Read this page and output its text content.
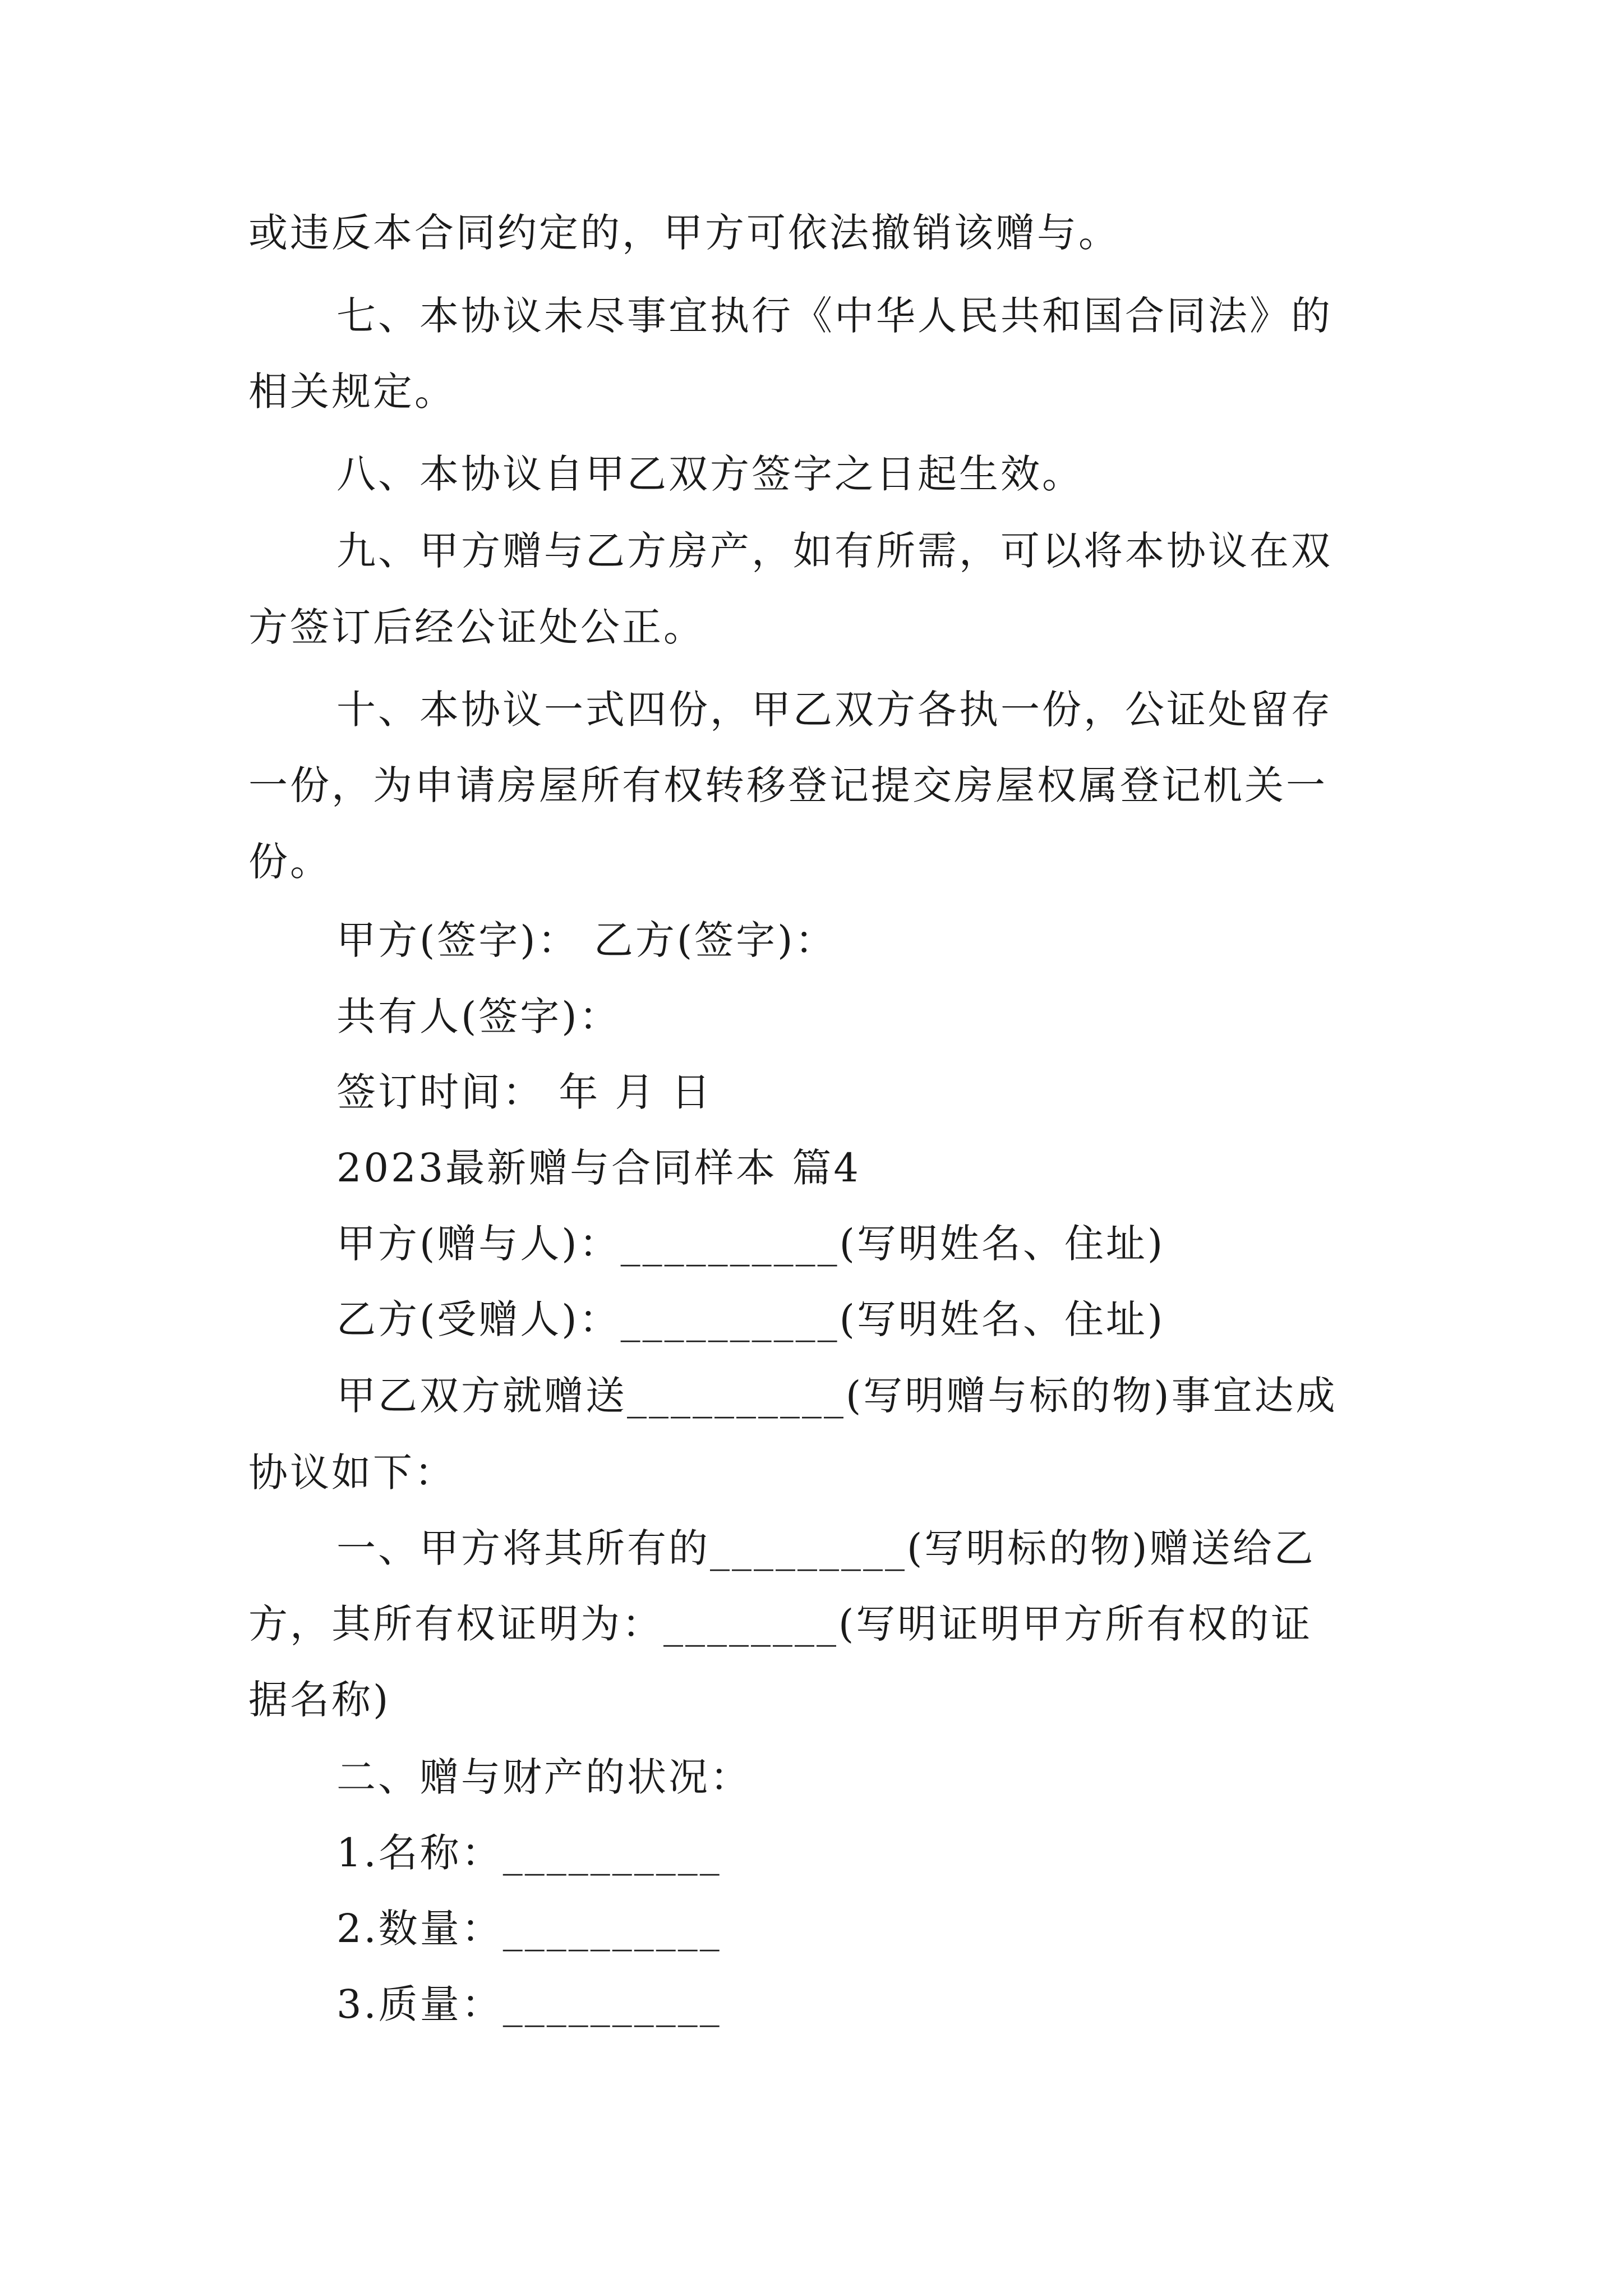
或违反本合同约定的，甲方可依法撤销该赠与。
七、本协议未尽事宜执行《中华人民共和国合同法》的
相关规定。
八、本协议自甲乙双方签字之日起生效。
九、甲方赠与乙方房产，如有所需，可以将本协议在双
方签订后经公证处公正。
十、本协议一式四份，甲乙双方各执一份，公证处留存
一份，为申请房屋所有权转移登记提交房屋权属登记机关一
份。
甲方(签字)： 乙方(签字)：
共有人(签字)：
签订时间： 年 月 日
2023最新赠与合同样本 篇4
甲方(赠与人)：__________(写明姓名、住址)
乙方(受赠人)：__________(写明姓名、住址)
甲乙双方就赠送__________(写明赠与标的物)事宜达成
协议如下：
一、甲方将其所有的_________(写明标的物)赠送给乙
方，其所有权证明为：________(写明证明甲方所有权的证
据名称)
二、赠与财产的状况：
1.名称：__________
2.数量：__________
3.质量：__________
